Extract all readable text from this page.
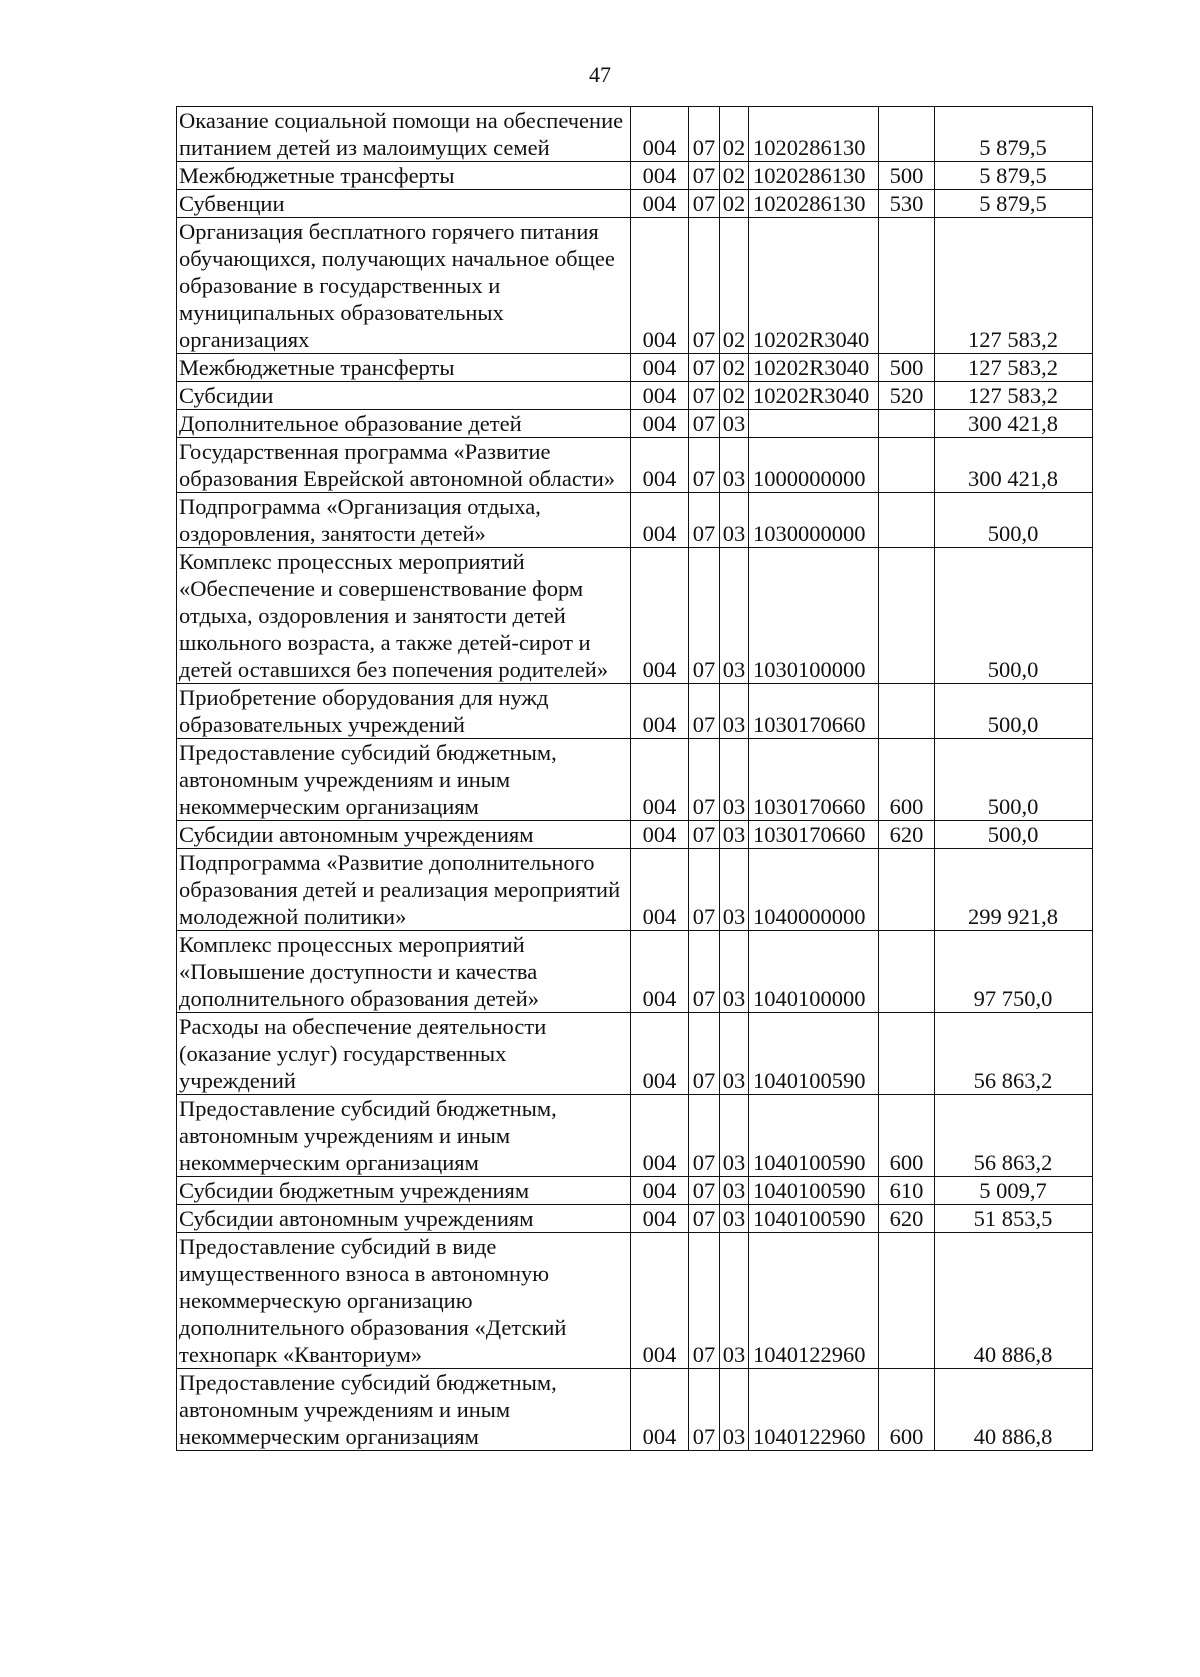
47
Оказание социальной помощи на обеспечение питанием детей из малоимущих семей	004	07	02	1020286130		5 879,5
Межбюджетные трансферты	004	07	02	1020286130	500	5 879,5
Субвенции	004	07	02	1020286130	530	5 879,5
Организация бесплатного горячего питания обучающихся, получающих начальное общее образование в государственных и муниципальных образовательных организациях	004	07	02	10202R3040		127 583,2
Межбюджетные трансферты	004	07	02	10202R3040	500	127 583,2
Субсидии	004	07	02	10202R3040	520	127 583,2
Дополнительное образование детей	004	07	03			300 421,8
Государственная программа «Развитие образования Еврейской автономной области»	004	07	03	1000000000		300 421,8
Подпрограмма «Организация отдыха, оздоровления, занятости детей»	004	07	03	1030000000		500,0
Комплекс процессных мероприятий «Обеспечение и совершенствование форм отдыха, оздоровления и занятости детей школьного возраста, а также детей-сирот и детей оставшихся без попечения родителей»	004	07	03	1030100000		500,0
Приобретение оборудования для нужд образовательных учреждений	004	07	03	1030170660		500,0
Предоставление субсидий бюджетным, автономным учреждениям и иным некоммерческим организациям	004	07	03	1030170660	600	500,0
Субсидии автономным учреждениям	004	07	03	1030170660	620	500,0
Подпрограмма «Развитие дополнительного образования детей и реализация мероприятий молодежной политики»	004	07	03	1040000000		299 921,8
Комплекс процессных мероприятий «Повышение доступности и качества дополнительного образования детей»	004	07	03	1040100000		97 750,0
Расходы на обеспечение деятельности (оказание услуг) государственных учреждений	004	07	03	1040100590		56 863,2
Предоставление субсидий бюджетным, автономным учреждениям и иным некоммерческим организациям	004	07	03	1040100590	600	56 863,2
Субсидии бюджетным учреждениям	004	07	03	1040100590	610	5 009,7
Субсидии автономным учреждениям	004	07	03	1040100590	620	51 853,5
Предоставление субсидий в виде имущественного взноса в автономную некоммерческую организацию дополнительного образования «Детский технопарк «Кванториум»	004	07	03	1040122960		40 886,8
Предоставление субсидий бюджетным, автономным учреждениям и иным некоммерческим организациям	004	07	03	1040122960	600	40 886,8
